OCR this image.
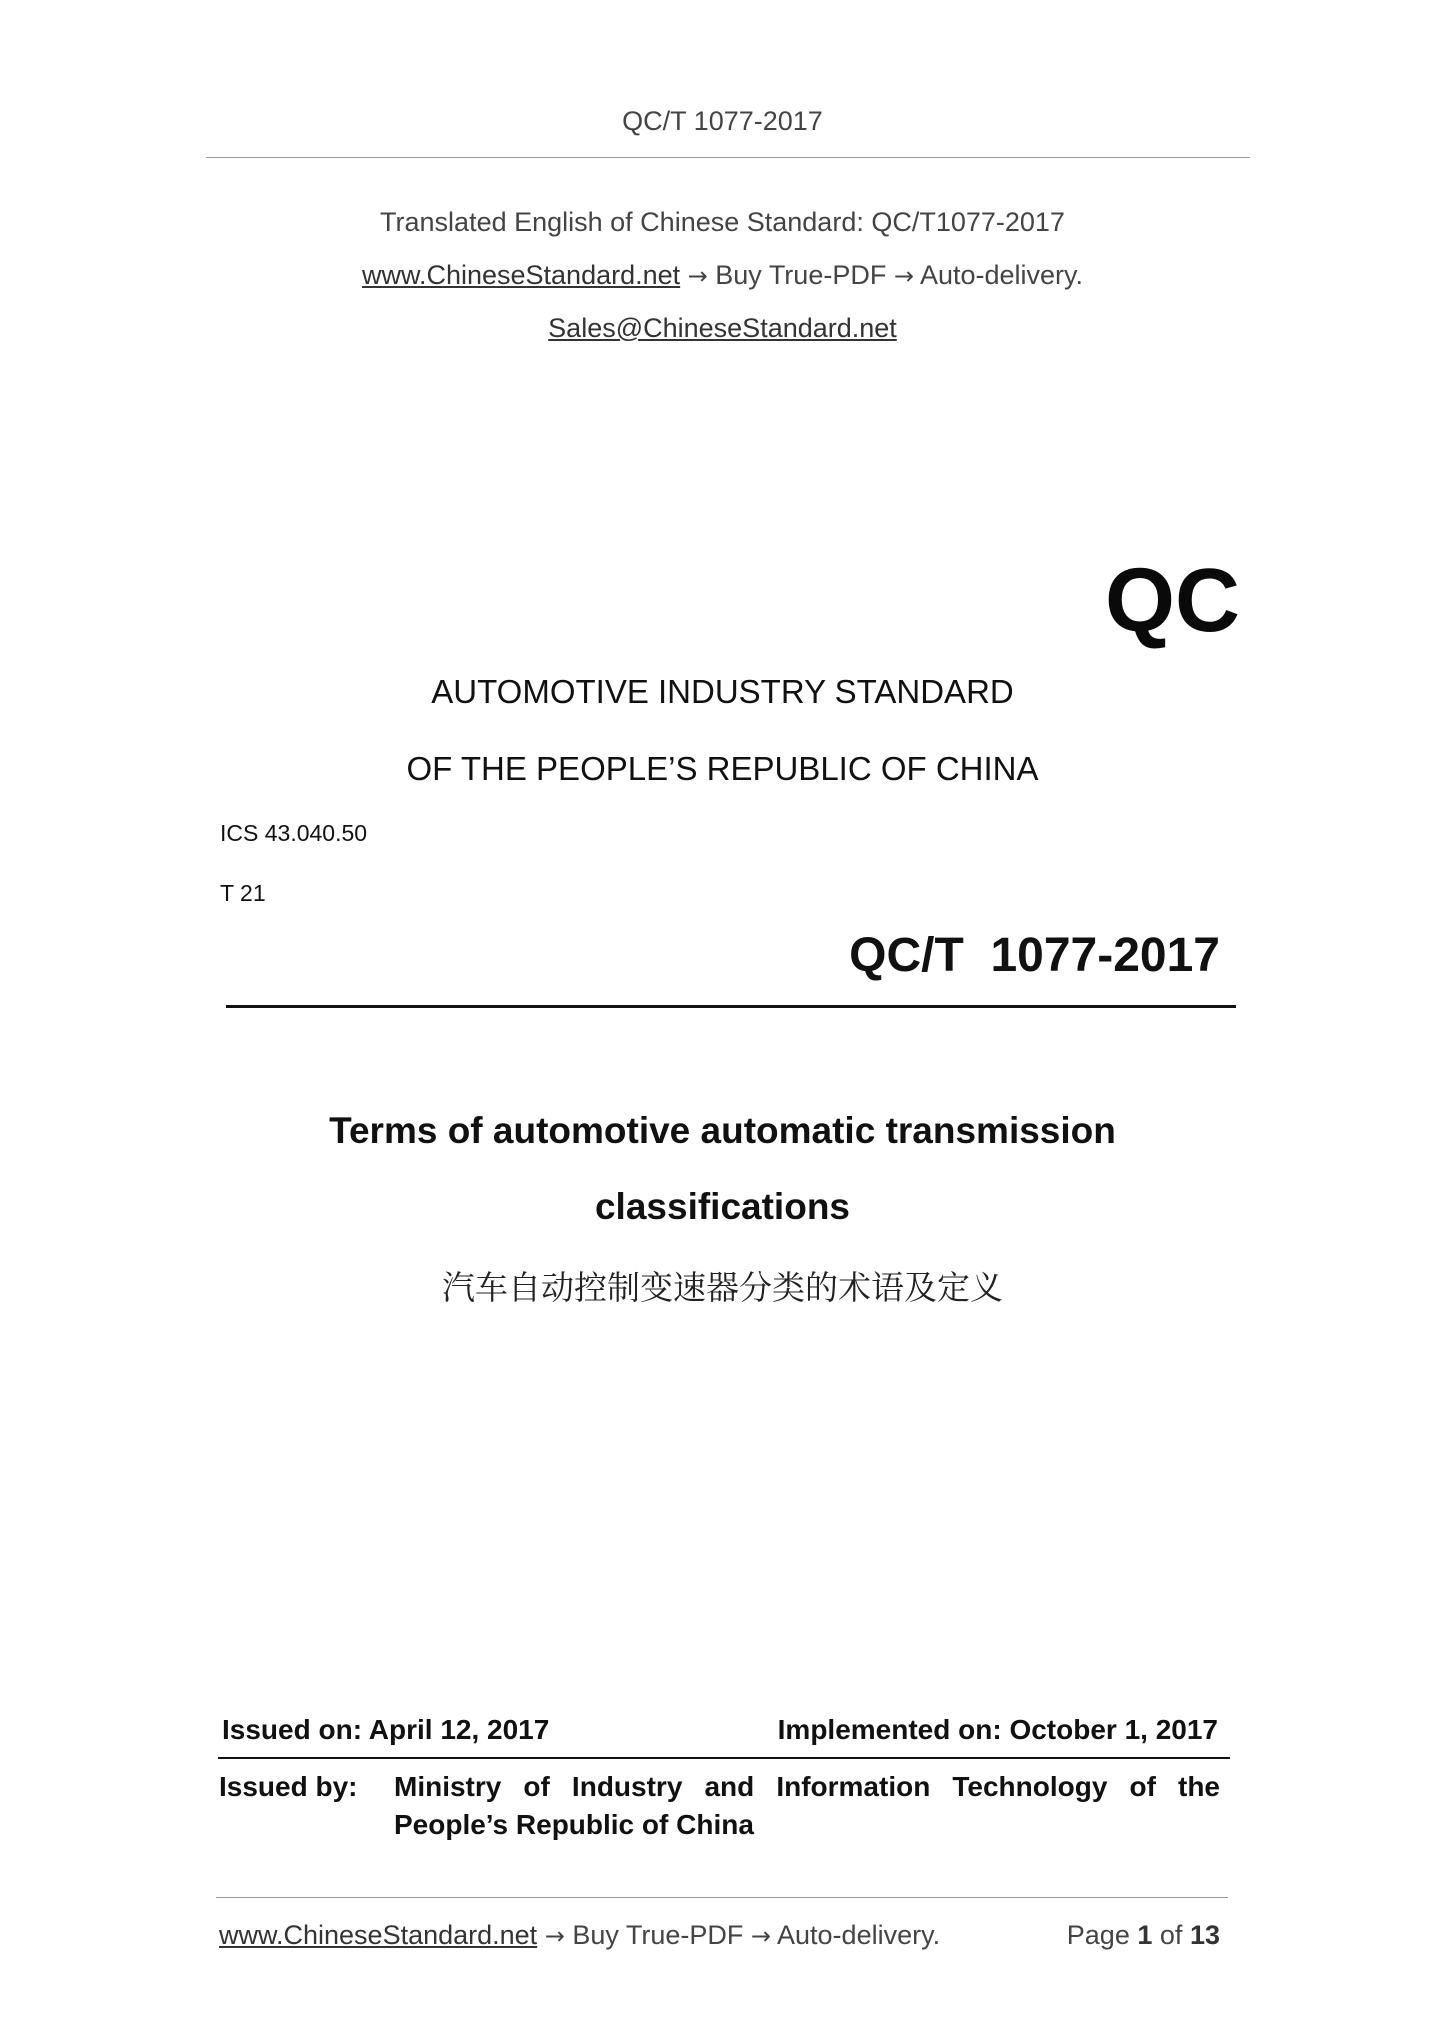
QC/T 1077-2017
Translated English of Chinese Standard: QC/T1077-2017
www.ChineseStandard.net → Buy True-PDF → Auto-delivery.
Sales@ChineseStandard.net
QC
AUTOMOTIVE INDUSTRY STANDARD
OF THE PEOPLE’S REPUBLIC OF CHINA
ICS 43.040.50
T 21
QC/T  1077-2017
Terms of automotive automatic transmission
classifications
汽车自动控制变速器分类的术语及定义
Issued on: April 12, 2017	Implemented on: October 1, 2017
Issued by: Ministry of Industry and Information Technology of the
People’s Republic of China
www.ChineseStandard.net → Buy True-PDF → Auto-delivery.	Page 1 of 13
